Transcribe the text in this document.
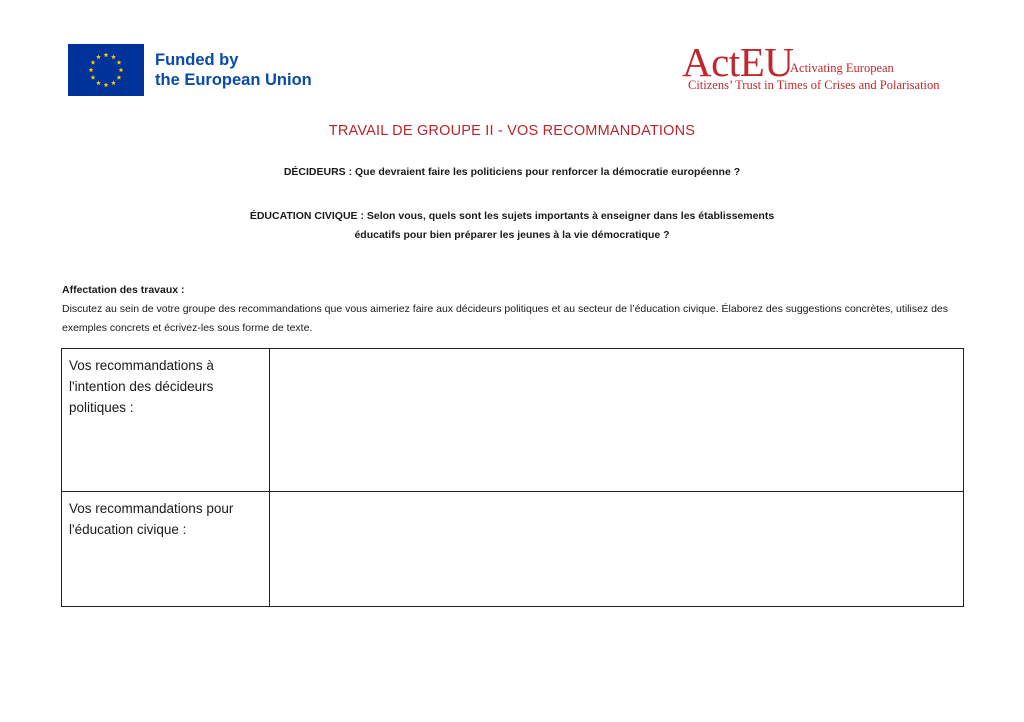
Funded by
the European Union	ActEU
Activating European
Citizens’ Trust in Times of Crises and Polarisation
TRAVAIL DE GROUPE II - VOS RECOMMANDATIONS
DÉCIDEURS : Que devraient faire les politiciens pour renforcer la démocratie européenne ?
ÉDUCATION CIVIQUE : Selon vous, quels sont les sujets importants à enseigner dans les établissements
éducatifs pour bien préparer les jeunes à la vie démocratique ?
Affectation des travaux :
Discutez au sein de votre groupe des recommandations que vous aimeriez faire aux décideurs politiques et au secteur de l’éducation civique. Élaborez des suggestions concrètes, utilisez des exemples concrets et écrivez-les sous forme de texte.
Vos recommandations à l'intention des décideurs politiques :	
Vos recommandations pour l'éducation civique :	
